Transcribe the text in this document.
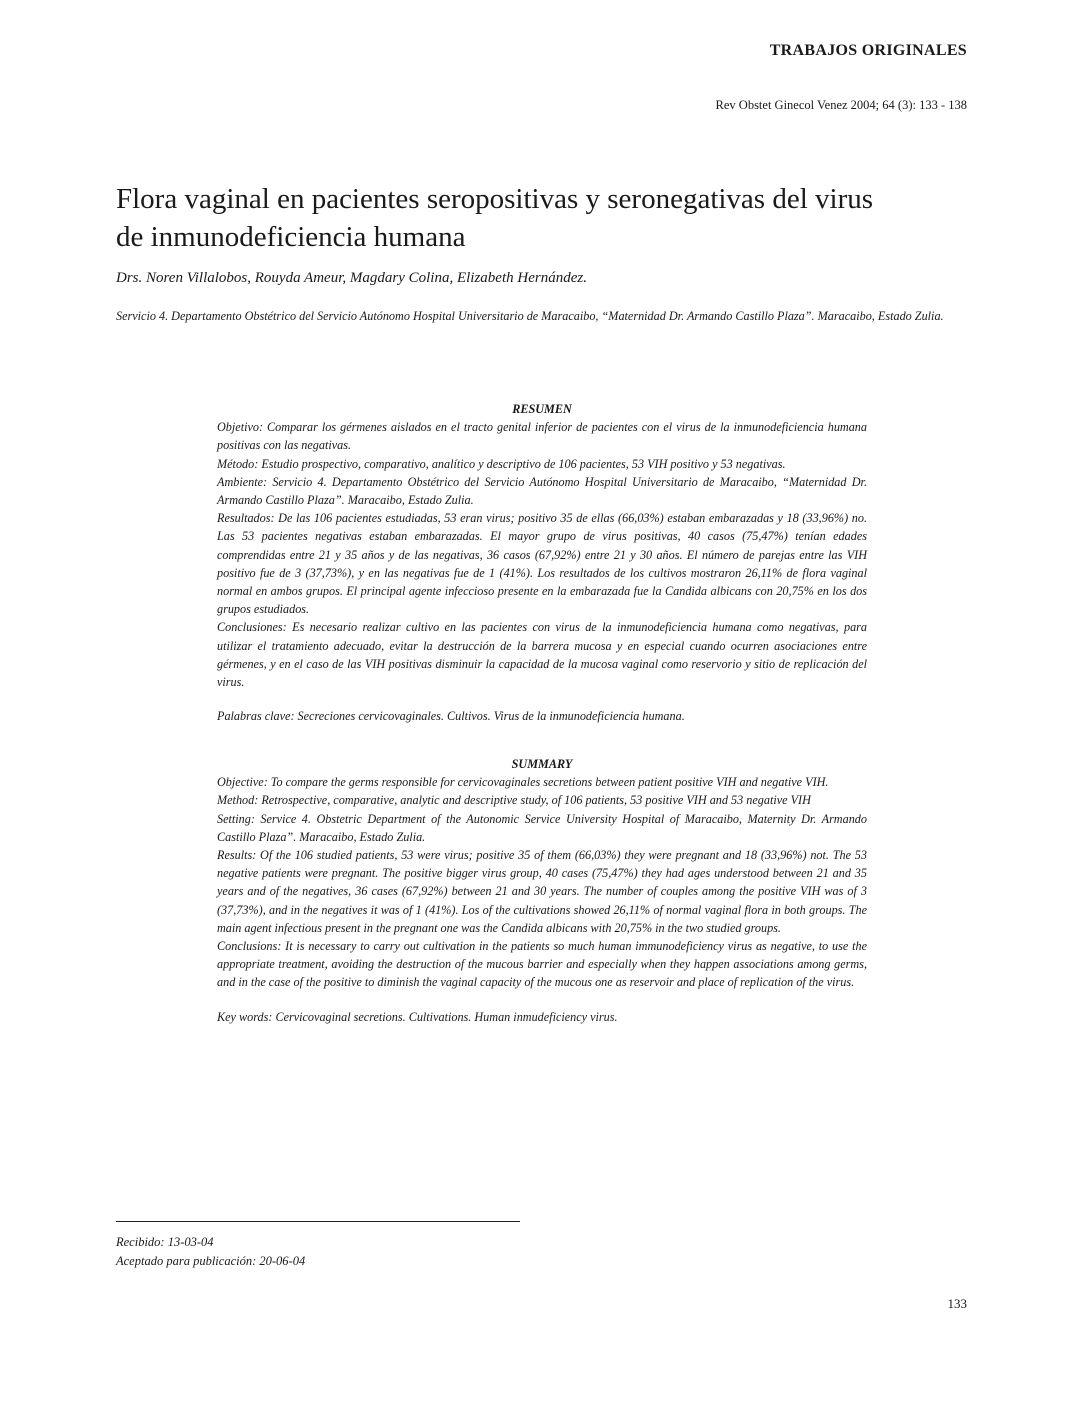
TRABAJOS ORIGINALES
Rev Obstet Ginecol Venez 2004; 64 (3): 133 - 138
Flora vaginal en pacientes seropositivas y seronegativas del virus de inmunodeficiencia humana
Drs. Noren Villalobos, Rouyda Ameur, Magdary Colina, Elizabeth Hernández.
Servicio 4. Departamento Obstétrico del Servicio Autónomo Hospital Universitario de Maracaibo, “Maternidad Dr. Armando Castillo Plaza”. Maracaibo, Estado Zulia.
RESUMEN

Objetivo: Comparar los gérmenes aislados en el tracto genital inferior de pacientes con el virus de la inmunodeficiencia humana positivas con las negativas.

Método: Estudio prospectivo, comparativo, analítico y descriptivo de 106 pacientes, 53 VIH positivo y 53 negativas.

Ambiente: Servicio 4. Departamento Obstétrico del Servicio Autónomo Hospital Universitario de Maracaibo, “Maternidad Dr. Armando Castillo Plaza”. Maracaibo, Estado Zulia.

Resultados: De las 106 pacientes estudiadas, 53 eran virus; positivo 35 de ellas (66,03%) estaban embarazadas y 18 (33,96%) no. Las 53 pacientes negativas estaban embarazadas. El mayor grupo de virus positivas, 40 casos (75,47%) tenían edades comprendidas entre 21 y 35 años y de las negativas, 36 casos (67,92%) entre 21 y 30 años. El número de parejas entre las VIH positivo fue de 3 (37,73%), y en las negativas fue de 1 (41%). Los resultados de los cultivos mostraron 26,11% de flora vaginal normal en ambos grupos. El principal agente infeccioso presente en la embarazada fue la Candida albicans con 20,75% en los dos grupos estudiados.

Conclusiones: Es necesario realizar cultivo en las pacientes con virus de la inmunodeficiencia humana como negativas, para utilizar el tratamiento adecuado, evitar la destrucción de la barrera mucosa y en especial cuando ocurren asociaciones entre gérmenes, y en el caso de las VIH positivas disminuir la capacidad de la mucosa vaginal como reservorio y sitio de replicación del virus.

Palabras clave: Secreciones cervicovaginales. Cultivos. Virus de la inmunodeficiencia humana.

SUMMARY

Objective: To compare the germs responsible for cervicovaginales secretions between patient positive VIH and negative VIH.

Method: Retrospective, comparative, analytic and descriptive study, of 106 patients, 53 positive VIH and 53 negative VIH

Setting: Service 4. Obstetric Department of the Autonomic Service University Hospital of Maracaibo, Maternity Dr. Armando Castillo Plaza”. Maracaibo, Estado Zulia.

Results: Of the 106 studied patients, 53 were virus; positive 35 of them (66,03%) they were pregnant and 18 (33,96%) not. The 53 negative patients were pregnant. The positive bigger virus group, 40 cases (75,47%) they had ages understood between 21 and 35 years and of the negatives, 36 cases (67,92%) between 21 and 30 years. The number of couples among the positive VIH was of 3 (37,73%), and in the negatives it was of 1 (41%). Los of the cultivations showed 26,11% of normal vaginal flora in both groups. The main agent infectious present in the pregnant one was the Candida albicans with 20,75% in the two studied groups.

Conclusions: It is necessary to carry out cultivation in the patients so much human immunodeficiency virus as negative, to use the appropriate treatment, avoiding the destruction of the mucous barrier and especially when they happen associations among germs, and in the case of the positive to diminish the vaginal capacity of the mucous one as reservoir and place of replication of the virus.

Key words: Cervicovaginal secretions. Cultivations. Human inmudeficiency virus.

Recibido: 13-03-04
Aceptado para publicación: 20-06-04
133
